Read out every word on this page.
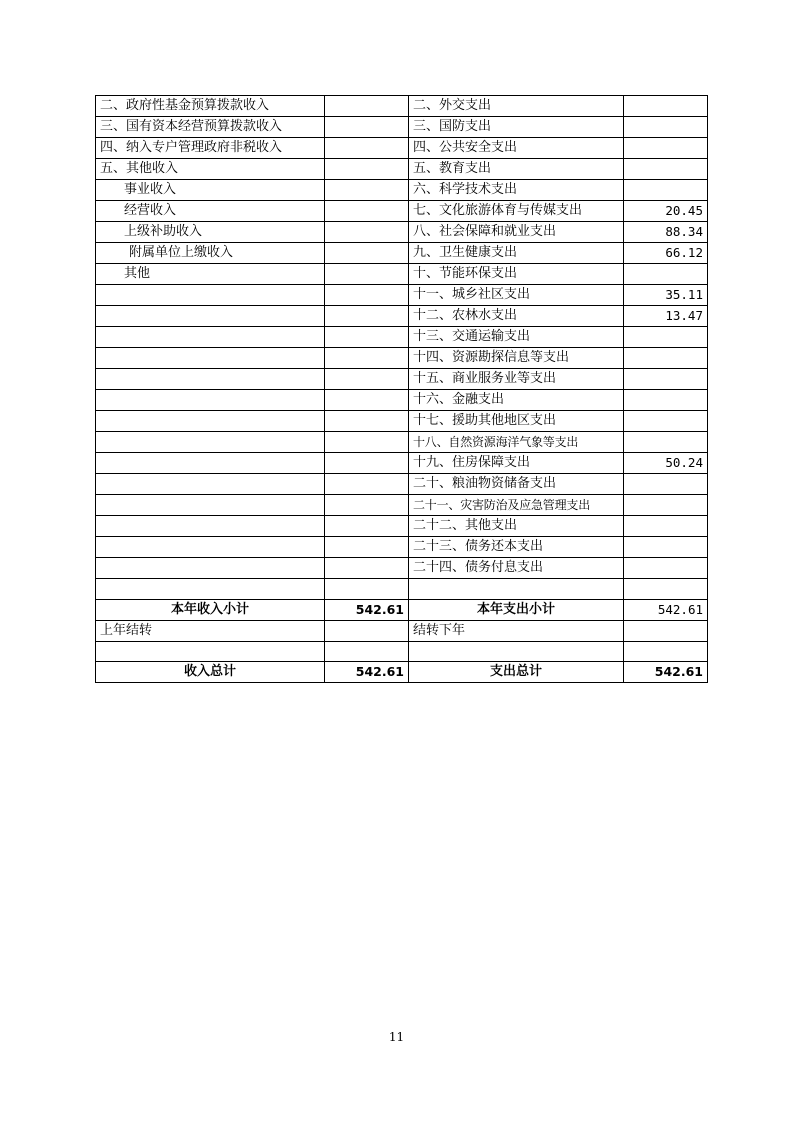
二、政府性基金预算拨款收入		二、外交支出	
三、国有资本经营预算拨款收入		三、国防支出	
四、纳入专户管理政府非税收入		四、公共安全支出	
五、其他收入		五、教育支出	
事业收入		六、科学技术支出	
经营收入		七、文化旅游体育与传媒支出	20.45
上级补助收入		八、社会保障和就业支出	88.34
附属单位上缴收入		九、卫生健康支出	66.12
其他		十、节能环保支出	
		十一、城乡社区支出	35.11
		十二、农林水支出	13.47
		十三、交通运输支出	
		十四、资源勘探信息等支出	
		十五、商业服务业等支出	
		十六、金融支出	
		十七、援助其他地区支出	
		十八、自然资源海洋气象等支出	
		十九、住房保障支出	50.24
		二十、粮油物资储备支出	
		二十一、灾害防治及应急管理支出	
		二十二、其他支出	
		二十三、债务还本支出	
		二十四、债务付息支出	

本年收入小计	542.61	本年支出小计	542.61
上年结转		结转下年	

收入总计	542.61	支出总计	542.61
11
